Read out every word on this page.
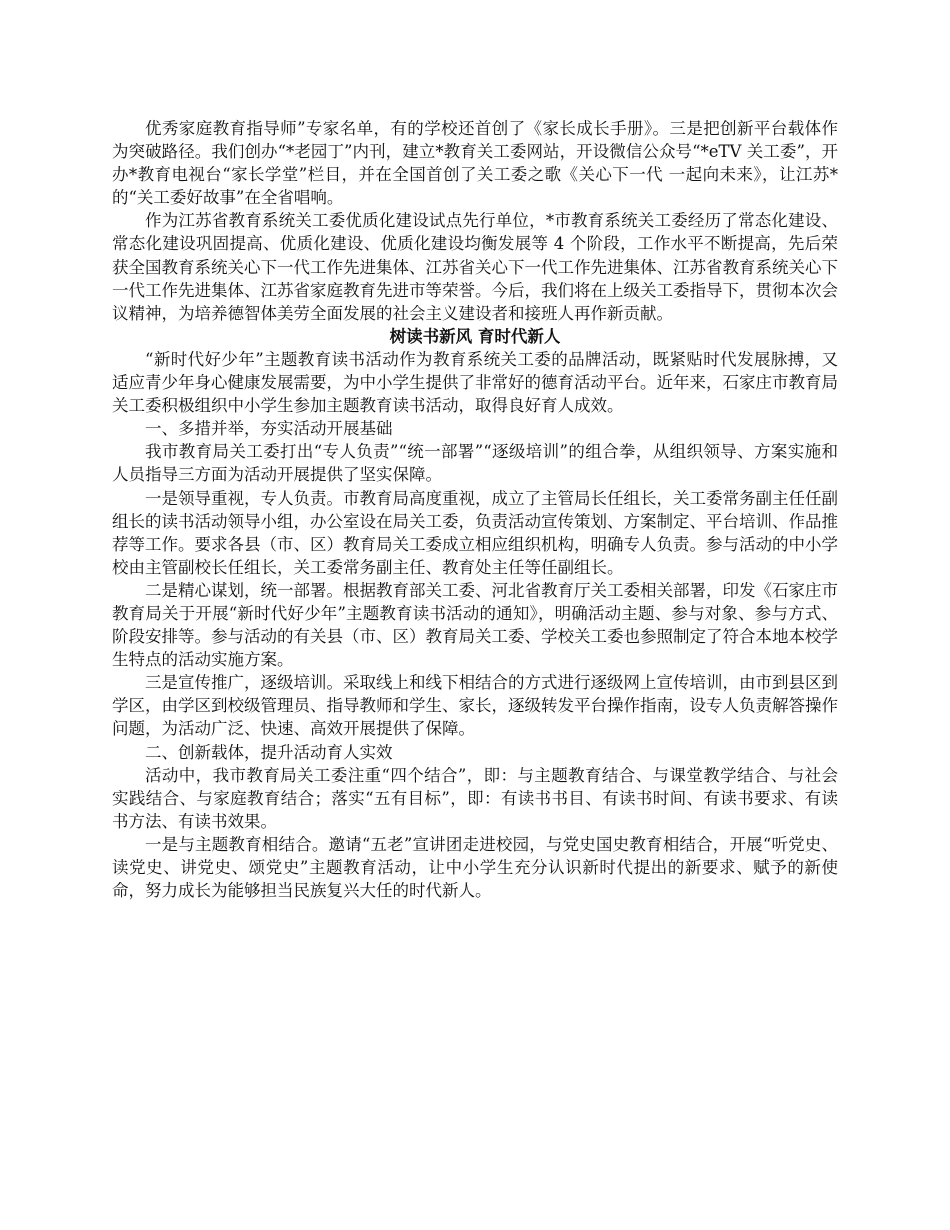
优秀家庭教育指导师”专家名单，有的学校还首创了《家长成长手册》。三是把创新平台载体作为突破路径。我们创办“*老园丁”内刊，建立*教育关工委网站，开设微信公众号“*eTV 关工委”，开办*教育电视台“家长学堂”栏目，并在全国首创了关工委之歌《关心下一代 一起向未来》，让江苏*的“关工委好故事”在全省唱响。

作为江苏省教育系统关工委优质化建设试点先行单位，*市教育系统关工委经历了常态化建设、常态化建设巩固提高、优质化建设、优质化建设均衡发展等 4 个阶段，工作水平不断提高，先后荣获全国教育系统关心下一代工作先进集体、江苏省关心下一代工作先进集体、江苏省教育系统关心下一代工作先进集体、江苏省家庭教育先进市等荣誉。今后，我们将在上级关工委指导下，贯彻本次会议精神，为培养德智体美劳全面发展的社会主义建设者和接班人再作新贡献。

树读书新风 育时代新人

“新时代好少年”主题教育读书活动作为教育系统关工委的品牌活动，既紧贴时代发展脉搏，又适应青少年身心健康发展需要，为中小学生提供了非常好的德育活动平台。近年来，石家庄市教育局关工委积极组织中小学生参加主题教育读书活动，取得良好育人成效。

一、多措并举，夯实活动开展基础

我市教育局关工委打出“专人负责”“统一部署”“逐级培训”的组合拳，从组织领导、方案实施和人员指导三方面为活动开展提供了坚实保障。

一是领导重视，专人负责。市教育局高度重视，成立了主管局长任组长，关工委常务副主任任副组长的读书活动领导小组，办公室设在局关工委，负责活动宣传策划、方案制定、平台培训、作品推荐等工作。要求各县（市、区）教育局关工委成立相应组织机构，明确专人负责。参与活动的中小学校由主管副校长任组长，关工委常务副主任、教育处主任等任副组长。

二是精心谋划，统一部署。根据教育部关工委、河北省教育厅关工委相关部署，印发《石家庄市教育局关于开展“新时代好少年”主题教育读书活动的通知》，明确活动主题、参与对象、参与方式、阶段安排等。参与活动的有关县（市、区）教育局关工委、学校关工委也参照制定了符合本地本校学生特点的活动实施方案。

三是宣传推广，逐级培训。采取线上和线下相结合的方式进行逐级网上宣传培训，由市到县区到学区，由学区到校级管理员、指导教师和学生、家长，逐级转发平台操作指南，设专人负责解答操作问题，为活动广泛、快速、高效开展提供了保障。

二、创新载体，提升活动育人实效

活动中，我市教育局关工委注重“四个结合”，即：与主题教育结合、与课堂教学结合、与社会实践结合、与家庭教育结合；落实“五有目标”，即：有读书书目、有读书时间、有读书要求、有读书方法、有读书效果。

一是与主题教育相结合。邀请“五老”宣讲团走进校园，与党史国史教育相结合，开展“听党史、读党史、讲党史、颂党史”主题教育活动，让中小学生充分认识新时代提出的新要求、赋予的新使命，努力成长为能够担当民族复兴大任的时代新人。
